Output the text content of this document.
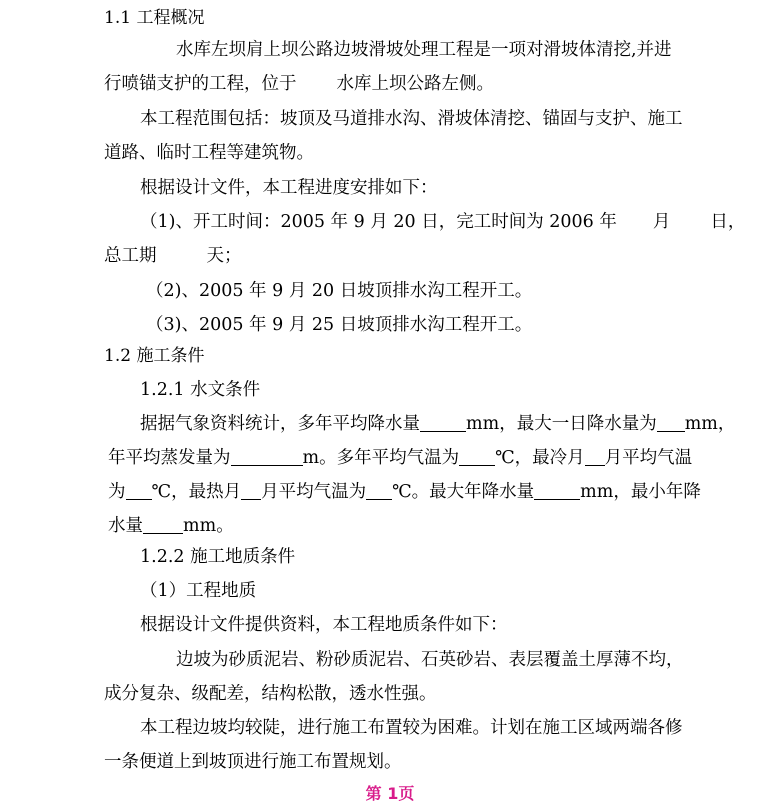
1.1 工程概况
水库左坝肩上坝公路边坡滑坡处理工程是一项对滑坡体清挖,并进
行喷锚支护的工程，位于 水库上坝公路左侧。
本工程范围包括：坡顶及马道排水沟、滑坡体清挖、锚固与支护、施工
道路、临时工程等建筑物。
根据设计文件，本工程进度安排如下：
（1)、开工时间：2005 年 9 月 20 日，完工时间为 2006 年 月 日，
总工期	天；
（2)、2005 年 9 月 20 日坡顶排水沟工程开工。
（3)、2005 年 9 月 25 日坡顶排水沟工程开工。
1.2 施工条件
1.2.1 水文条件
据据气象资料统计，多年平均降水量	mm，最大一日降水量为 mm，
年平均蒸发量为	m。多年平均气温为 ℃，最冷月 月平均气温
为 ℃，最热月 月平均气温为 ℃。最大年降水量	mm，最小年降
水量 mm。
1.2.2 施工地质条件
（1）工程地质
根据设计文件提供资料，本工程地质条件如下：
边坡为砂质泥岩、粉砂质泥岩、石英砂岩、表层覆盖土厚薄不均，
成分复杂、级配差，结构松散，透水性强。
本工程边坡均较陡，进行施工布置较为困难。计划在施工区域两端各修
一条便道上到坡顶进行施工布置规划。
第 1页
